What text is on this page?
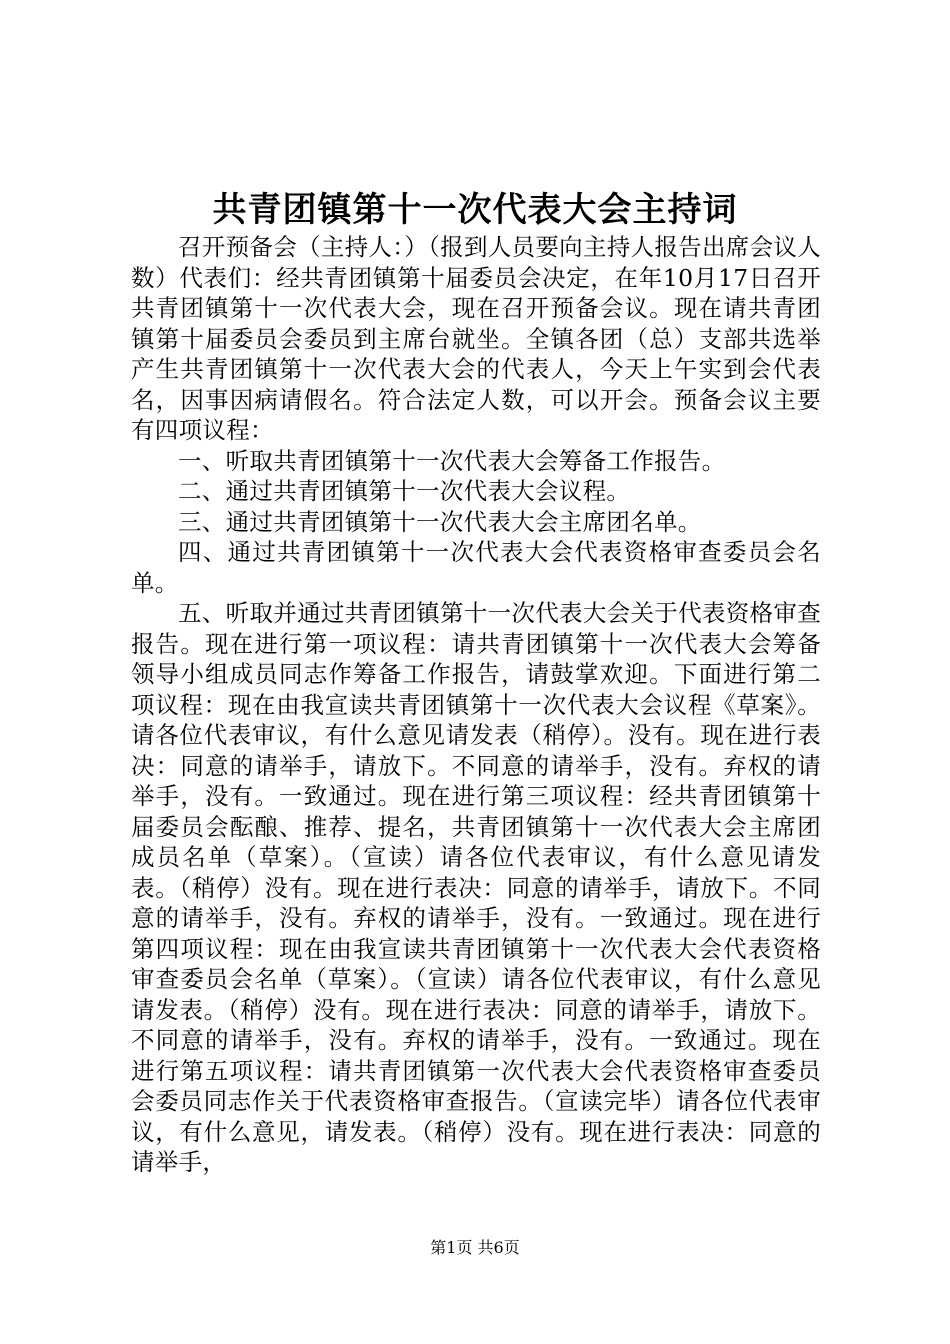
共青团镇第十一次代表大会主持词

召开预备会（主持人：）（报到人员要向主持人报告出席会议人数）代表们：经共青团镇第十届委员会决定，在年10月17日召开共青团镇第十一次代表大会，现在召开预备会议。现在请共青团镇第十届委员会委员到主席台就坐。全镇各团（总）支部共选举产生共青团镇第十一次代表大会的代表人，今天上午实到会代表名，因事因病请假名。符合法定人数，可以开会。预备会议主要有四项议程：

一、听取共青团镇第十一次代表大会筹备工作报告。

二、通过共青团镇第十一次代表大会议程。

三、通过共青团镇第十一次代表大会主席团名单。

四、通过共青团镇第十一次代表大会代表资格审查委员会名单。

五、听取并通过共青团镇第十一次代表大会关于代表资格审查报告。现在进行第一项议程：请共青团镇第十一次代表大会筹备领导小组成员同志作筹备工作报告，请鼓掌欢迎。下面进行第二项议程：现在由我宣读共青团镇第十一次代表大会议程《草案》。请各位代表审议，有什么意见请发表（稍停）。没有。现在进行表决：同意的请举手，请放下。不同意的请举手，没有。弃权的请举手，没有。一致通过。现在进行第三项议程：经共青团镇第十届委员会酝酿、推荐、提名，共青团镇第十一次代表大会主席团成员名单（草案）。（宣读）请各位代表审议，有什么意见请发表。（稍停）没有。现在进行表决：同意的请举手，请放下。不同意的请举手，没有。弃权的请举手，没有。一致通过。现在进行第四项议程：现在由我宣读共青团镇第十一次代表大会代表资格审查委员会名单（草案）。（宣读）请各位代表审议，有什么意见请发表。（稍停）没有。现在进行表决：同意的请举手，请放下。不同意的请举手，没有。弃权的请举手，没有。一致通过。现在进行第五项议程：请共青团镇第一次代表大会代表资格审查委员会委员同志作关于代表资格审查报告。（宣读完毕）请各位代表审议，有什么意见，请发表。（稍停）没有。现在进行表决：同意的请举手，

第1页 共6页
